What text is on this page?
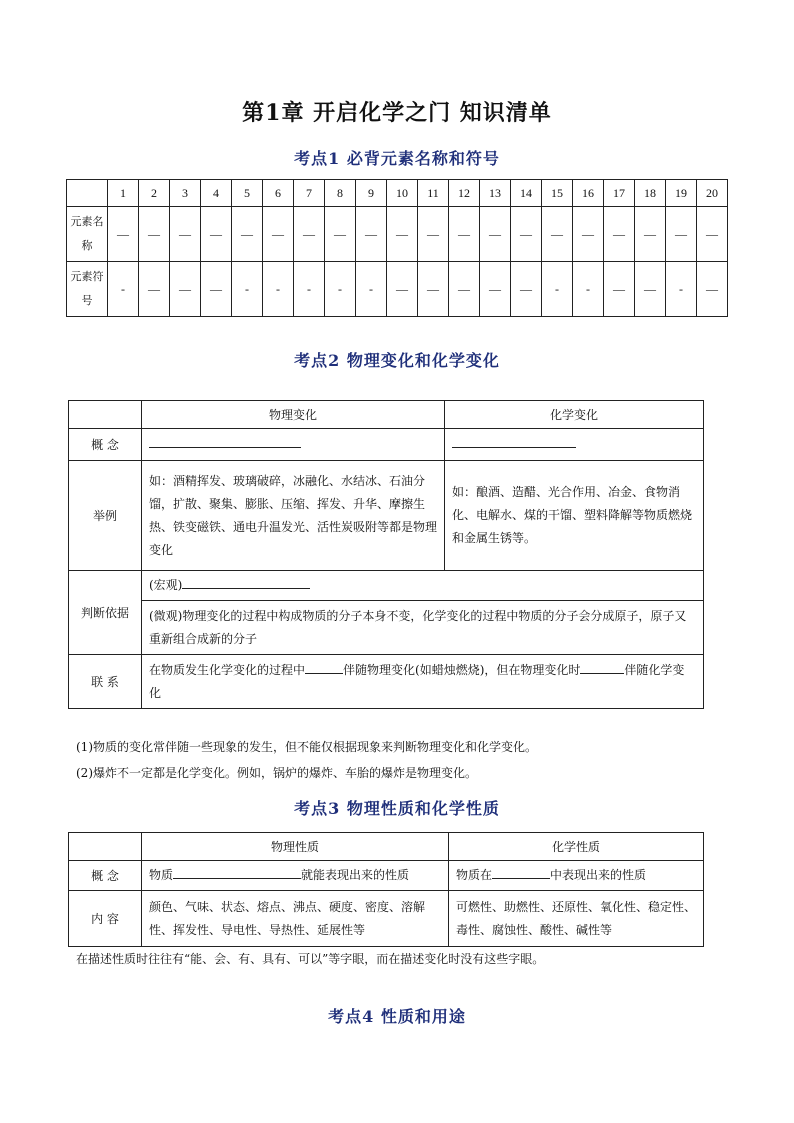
第1章 开启化学之门 知识清单
考点1 必背元素名称和符号
	1	2	3	4	5	6	7	8	9	10	11	12	13	14	15	16	17	18	19	20
元素名称	—	—	—	—	—	—	—	—	—	—	—	—	—	—	—	—	—	—	—	—
元素符号	-	—	—	—	-	-	-	-	-	—	—	—	—	—	-	-	—	—	-	—
考点2 物理变化和化学变化
	物理变化	化学变化
概 念		
举例	如：酒精挥发、玻璃破碎，冰融化、水结冰、石油分馏，扩散、聚集、膨胀、压缩、挥发、升华、摩擦生热、铁变磁铁、通电升温发光、活性炭吸附等都是物理变化	如：酿酒、造醋、光合作用、冶金、食物消化、电解水、煤的干馏、塑料降解等物质燃烧和金属生锈等。
判断依据	(宏观)	
	(微观)物理变化的过程中构成物质的分子本身不变，化学变化的过程中物质的分子会分成原子，原子又重新组合成新的分子	
联 系	在物质发生化学变化的过程中 伴随物理变化(如蜡烛燃烧)，但在物理变化时 伴随化学变化	
(1)物质的变化常伴随一些现象的发生，但不能仅根据现象来判断物理变化和化学变化。
(2)爆炸不一定都是化学变化。例如，锅炉的爆炸、车胎的爆炸是物理变化。
考点3 物理性质和化学性质
	物理性质	化学性质
概 念	物质 就能表现出来的性质	物质在 中表现出来的性质
内 容	颜色、气味、状态、熔点、沸点、硬度、密度、溶解性、挥发性、导电性、导热性、延展性等	可燃性、助燃性、还原性、氧化性、稳定性、毒性、腐蚀性、酸性、碱性等
在描述性质时往往有“能、会、有、具有、可以”等字眼，而在描述变化时没有这些字眼。
考点4 性质和用途
